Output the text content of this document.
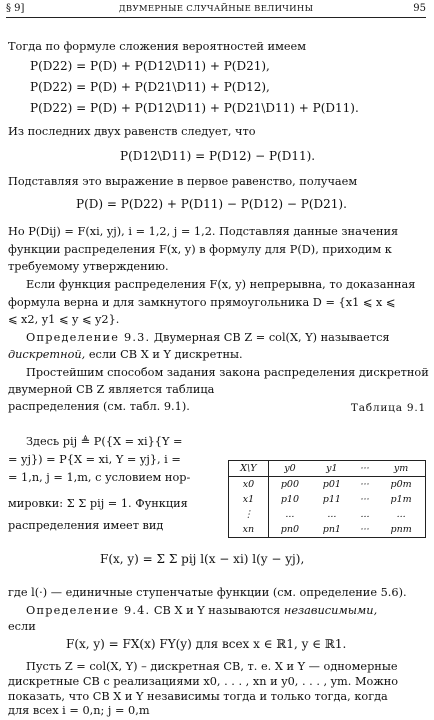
§ 9]	ДВУМЕРНЫЕ СЛУЧАЙНЫЕ ВЕЛИЧИНЫ	95
Тогда по формуле сложения вероятностей имеем
P(D22) = P(D) + P(D12\D11) + P(D21),
P(D22) = P(D) + P(D21\D11) + P(D12),
P(D22) = P(D) + P(D12\D11) + P(D21\D11) + P(D11).
Из последних двух равенств следует, что
P(D12\D11) = P(D12) − P(D11).
Подставляя это выражение в первое равенство, получаем
P(D) = P(D22) + P(D11) − P(D12) − P(D21).
Но P(Dij) = F(xi, yj), i = 1,2, j = 1,2. Подставляя данные значения
функции распределения F(x, y) в формулу для P(D), приходим к
требуемому утверждению.
Если функция распределения F(x, y) непрерывна, то доказанная
формула верна и для замкнутого прямоугольника D = {x1 ⩽ x ⩽
⩽ x2, y1 ⩽ y ⩽ y2}.
Определение 9.3. Двумерная СВ Z = col(X, Y) называется
дискретной, если СВ X и Y дискретны.
Простейшим способом задания закона распределения дискретной
двумерной СВ Z является таблица
распределения (см. табл. 9.1).	Таблица 9.1
X\Y	y0	y1	···	ym
x0	p00	p01	···	p0m
x1	p10	p11	···	p1m
⋮	...	...	...	...
xn	pn0	pn1	···	pnm
Здесь pij ≜ P({X = xi}{Y =
= yj}) = P{X = xi, Y = yj}, i =
= 1,n, j = 1,m, с условием нор-
мировки: Σ Σ pij = 1. Функция
распределения имеет вид
F(x, y) = Σ Σ pij l(x − xi) l(y − yj),
где l(·) — единичные ступенчатые функции (см. определение 5.6).
Определение 9.4. СВ X и Y называются независимыми,
если
F(x, y) = FX(x) FY(y) для всех x ∈ ℝ1, y ∈ ℝ1.
Пусть Z = col(X, Y) – дискретная СВ, т. е. X и Y — одномерные
дискретные СВ с реализациями x0, . . . , xn и y0, . . . , ym. Можно
показать, что СВ X и Y независимы тогда и только тогда, когда
для всех i = 0,n; j = 0,m
